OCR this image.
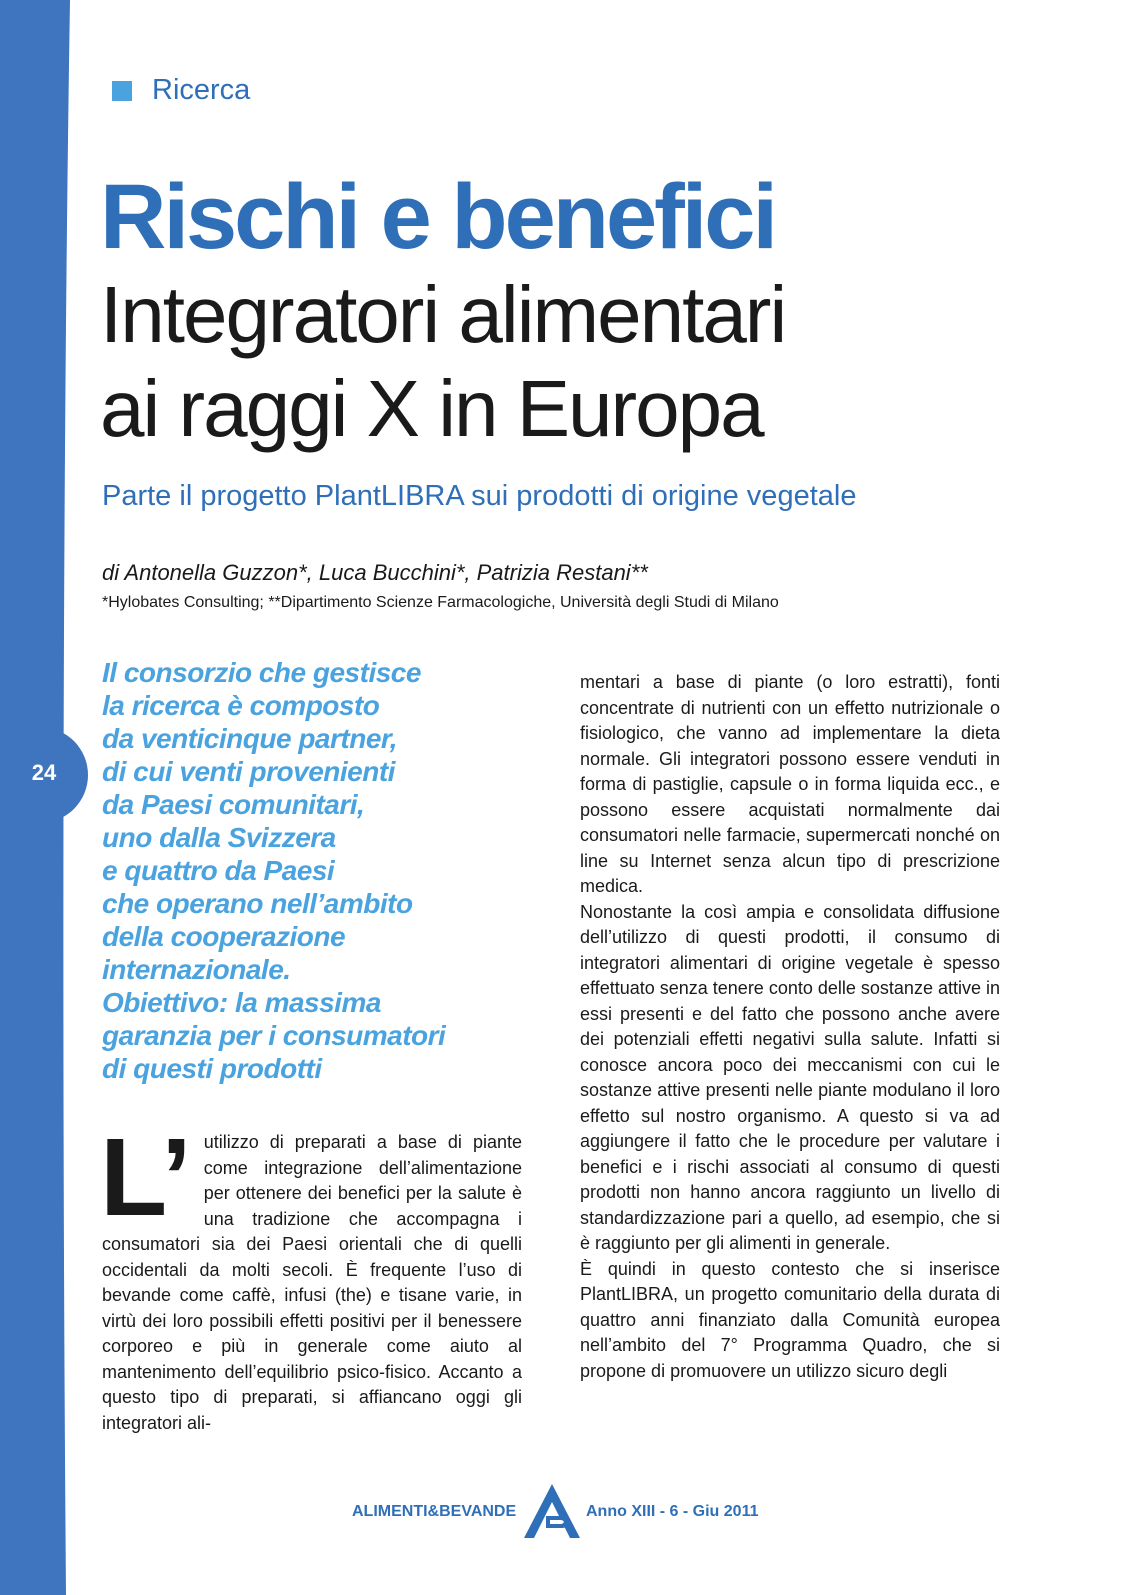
24
Ricerca
Rischi e benefici
Integratori alimentari
ai raggi X in Europa

Parte il progetto PlantLIBRA sui prodotti di origine vegetale

di Antonella Guzzon*, Luca Bucchini*, Patrizia Restani**

*Hylobates Consulting; **Dipartimento Scienze Farmacologiche, Università degli Studi di Milano

Il consorzio che gestisce
la ricerca è composto
da venticinque partner,
di cui venti provenienti
da Paesi comunitari,
uno dalla Svizzera
e quattro da Paesi
che operano nell’ambito
della cooperazione
internazionale.
Obiettivo: la massima
garanzia per i consumatori
di questi prodotti
L’ utilizzo di preparati a base di piante come integrazione dell’alimentazione per ottenere dei benefici per la salute è una tradizione che accompagna i consumatori sia dei Paesi orientali che di quelli occidentali da molti secoli. È frequente l’uso di bevande come caffè, infusi (the) e tisane varie, in virtù dei loro possibili effetti positivi per il benessere corporeo e più in generale come aiuto al mantenimento dell’equilibrio psico-fisico. Accanto a questo tipo di preparati, si affiancano oggi gli integratori ali-

mentari a base di piante (o loro estratti), fonti concentrate di nutrienti con un effetto nutrizionale o fisiologico, che vanno ad implementare la dieta normale. Gli integratori possono essere venduti in forma di pastiglie, capsule o in forma liquida ecc., e possono essere acquistati normalmente dai consumatori nelle farmacie, supermercati nonché on line su Internet senza alcun tipo di prescrizione medica.

Nonostante la così ampia e consolidata diffusione dell’utilizzo di questi prodotti, il consumo di integratori alimentari di origine vegetale è spesso effettuato senza tenere conto delle sostanze attive in essi presenti e del fatto che possono anche avere dei potenziali effetti negativi sulla salute. Infatti si conosce ancora poco dei meccanismi con cui le sostanze attive presenti nelle piante modulano il loro effetto sul nostro organismo. A questo si va ad aggiungere il fatto che le procedure per valutare i benefici e i rischi associati al consumo di questi prodotti non hanno ancora raggiunto un livello di standardizzazione pari a quello, ad esempio, che si è raggiunto per gli alimenti in generale.

È quindi in questo contesto che si inserisce PlantLIBRA, un progetto comunitario della durata di quattro anni finanziato dalla Comunità europea nell’ambito del 7° Programma Quadro, che si propone di promuovere un utilizzo sicuro degli

ALIMENTI&BEVANDE	Anno XIII - 6 - Giu 2011
